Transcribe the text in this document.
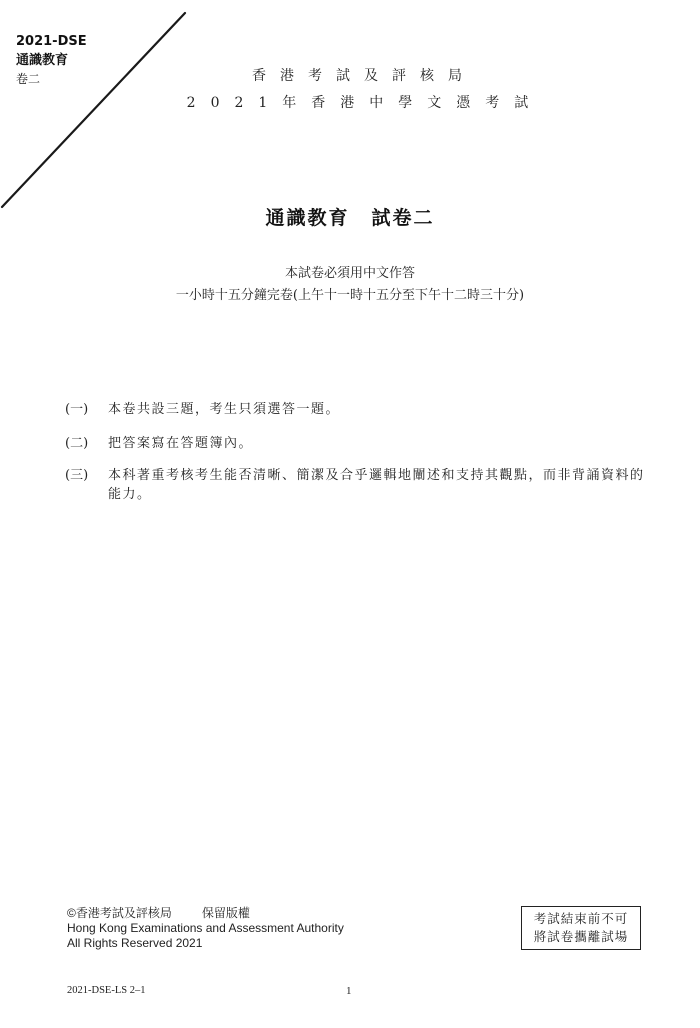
2021-DSE
通識教育
卷二	香港考試及評核局
2021年香港中學文憑考試
通識教育 試卷二
本試卷必須用中文作答
一小時十五分鐘完卷(上午十一時十五分至下午十二時三十分)
(一) 本卷共設三題，考生只須選答一題。
(二) 把答案寫在答題簿內。
(三) 本科著重考核考生能否清晰、簡潔及合乎邏輯地闡述和支持其觀點，而非背誦資料的能力。
©香港考試及評核局	保留版權
Hong Kong Examinations and Assessment Authority
All Rights Reserved 2021
考試結束前不可
將試卷攜離試場
2021-DSE-LS 2–1	1
